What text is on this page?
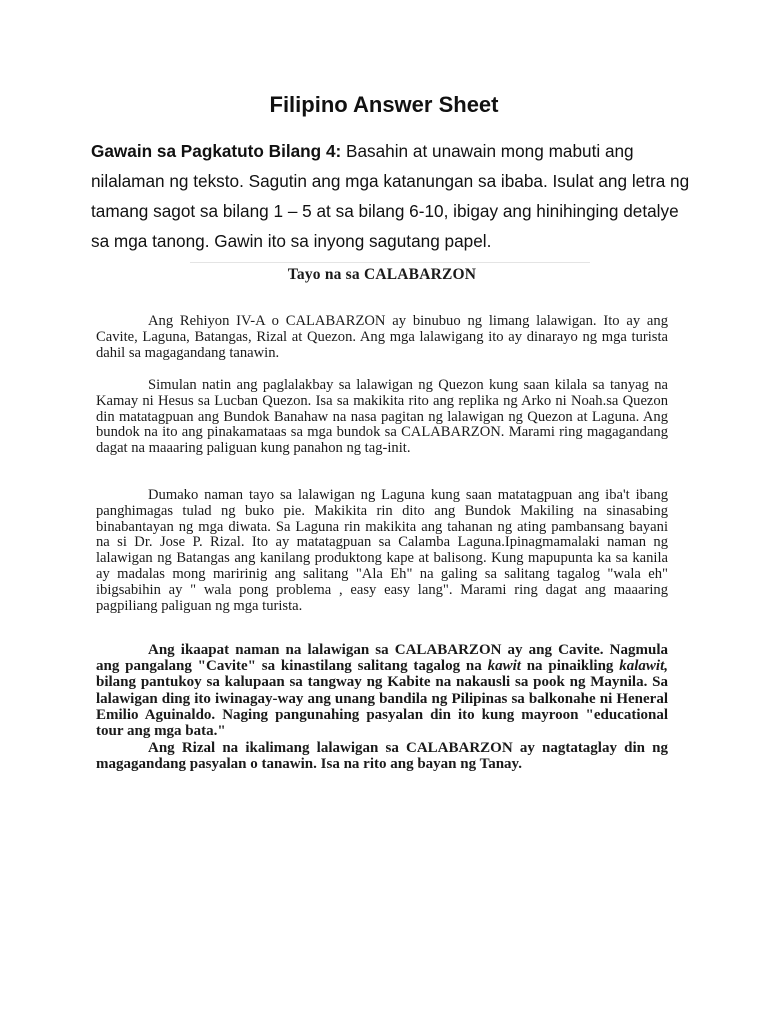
Filipino Answer Sheet

Gawain sa Pagkatuto Bilang 4: Basahin at unawain mong mabuti ang nilalaman ng teksto. Sagutin ang mga katanungan sa ibaba. Isulat ang letra ng tamang sagot sa bilang 1 – 5 at sa bilang 6-10, ibigay ang hinihinging detalye sa mga tanong. Gawin ito sa inyong sagutang papel.

Tayo na sa CALABARZON

Ang Rehiyon IV-A o CALABARZON ay binubuo ng limang lalawigan. Ito ay ang Cavite, Laguna, Batangas, Rizal at Quezon. Ang mga lalawigang ito ay dinarayo ng mga turista dahil sa magagandang tanawin.

Simulan natin ang paglalakbay sa lalawigan ng Quezon kung saan kilala sa tanyag na Kamay ni Hesus sa Lucban Quezon. Isa sa makikita rito ang replika ng Arko ni Noah.sa Quezon din matatagpuan ang Bundok Banahaw na nasa pagitan ng lalawigan ng Quezon at Laguna. Ang bundok na ito ang pinakamataas sa mga bundok sa CALABARZON. Marami ring magagandang dagat na maaaring paliguan kung panahon ng tag-init.

Dumako naman tayo sa lalawigan ng Laguna kung saan matatagpuan ang iba't ibang panghimagas tulad ng buko pie. Makikita rin dito ang Bundok Makiling na sinasabing binabantayan ng mga diwata. Sa Laguna rin makikita ang tahanan ng ating pambansang bayani na si Dr. Jose P. Rizal. Ito ay matatagpuan sa Calamba Laguna.Ipinagmamalaki naman ng lalawigan ng Batangas ang kanilang produktong kape at balisong. Kung mapupunta ka sa kanila ay madalas mong maririnig ang salitang "Ala Eh" na galing sa salitang tagalog "wala eh" ibigsabihin ay " wala pong problema , easy easy lang". Marami ring dagat ang maaaring pagpiliang paliguan ng mga turista.

Ang ikaapat naman na lalawigan sa CALABARZON ay ang Cavite. Nagmula ang pangalang "Cavite" sa kinastilang salitang tagalog na kawit na pinaikling kalawit, bilang pantukoy sa kalupaan sa tangway ng Kabite na nakausli sa pook ng Maynila. Sa lalawigan ding ito iwinagay-way ang unang bandila ng Pilipinas sa balkonahe ni Heneral Emilio Aguinaldo. Naging pangunahing pasyalan din ito kung mayroon "educational tour ang mga bata."

Ang Rizal na ikalimang lalawigan sa CALABARZON ay nagtataglay din ng magagandang pasyalan o tanawin. Isa na rito ang bayan ng Tanay.
